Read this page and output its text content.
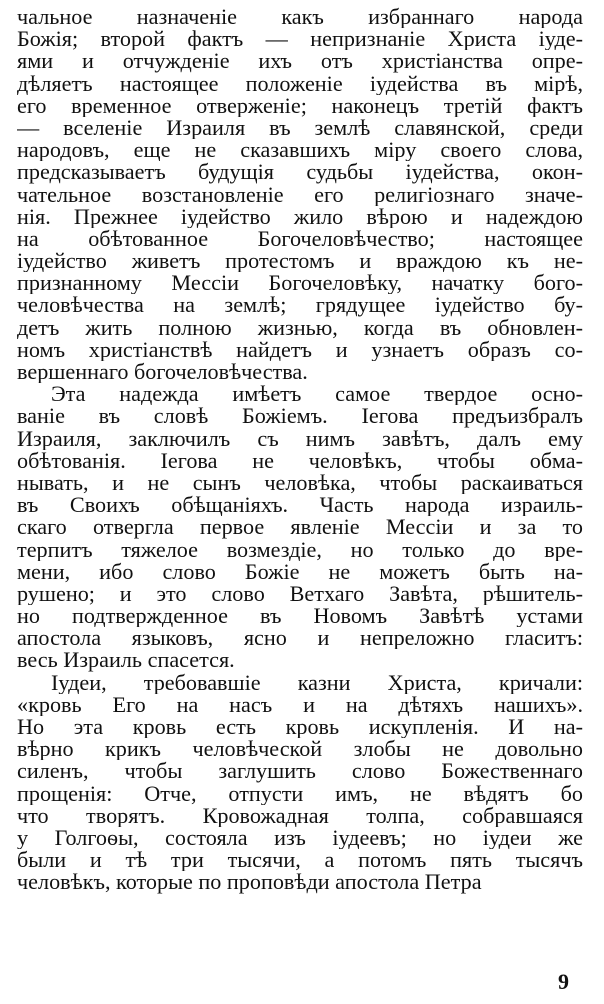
чальное назначеніе какъ избраннаго народа
Божія; второй фактъ — непризнаніе Христа іуде-
ями и отчужденіе ихъ отъ христіанства опре-
дѣляетъ настоящее положеніе іудейства въ мірѣ,
его временное отверженіе; наконецъ третій фактъ
— вселеніе Израиля въ землѣ славянской, среди
народовъ, еще не сказавшихъ міру своего слова,
предсказываетъ будущія судьбы іудейства, окон-
чательное возстановленіе его религіознаго значе-
нія. Прежнее іудейство жило вѣрою и надеждою
на обѣтованное Богочеловѣчество; настоящее
іудейство живетъ протестомъ и враждою къ не-
признанному Мессіи Богочеловѣку, начатку бого-
человѣчества на землѣ; грядущее іудейство бу-
детъ жить полною жизнью, когда въ обновлен-
номъ христіанствѣ найдетъ и узнаетъ образъ со-
вершеннаго богочеловѣчества.
Эта надежда имѣетъ самое твердое осно-
ваніе въ словѣ Божіемъ. Іегова предъизбралъ
Израиля, заключилъ съ нимъ завѣтъ, далъ ему
обѣтованія. Іегова не человѣкъ, чтобы обма-
нывать, и не сынъ человѣка, чтобы раскаиваться
въ Своихъ обѣщаніяхъ. Часть народа израиль-
скаго отвергла первое явленіе Мессіи и за то
терпитъ тяжелое возмездіе, но только до вре-
мени, ибо слово Божіе не можетъ быть на-
рушено; и это слово Ветхаго Завѣта, рѣшитель-
но подтвержденное въ Новомъ Завѣтѣ устами
апостола языковъ, ясно и непреложно гласитъ:
весь Израиль спасется.
Іудеи, требовавшіе казни Христа, кричали:
«кровь Его на насъ и на дѣтяхъ нашихъ».
Но эта кровь есть кровь искупленія. И на-
вѣрно крикъ человѣческой злобы не довольно
силенъ, чтобы заглушить слово Божественнаго
прощенія: Отче, отпусти имъ, не вѣдятъ бо
что творятъ. Кровожадная толпа, собравшаяся
у Голгоѳы, состояла изъ іудеевъ; но іудеи же
были и тѣ три тысячи, а потомъ пять тысячъ
человѣкъ, которые по проповѣди апостола Петра
9
